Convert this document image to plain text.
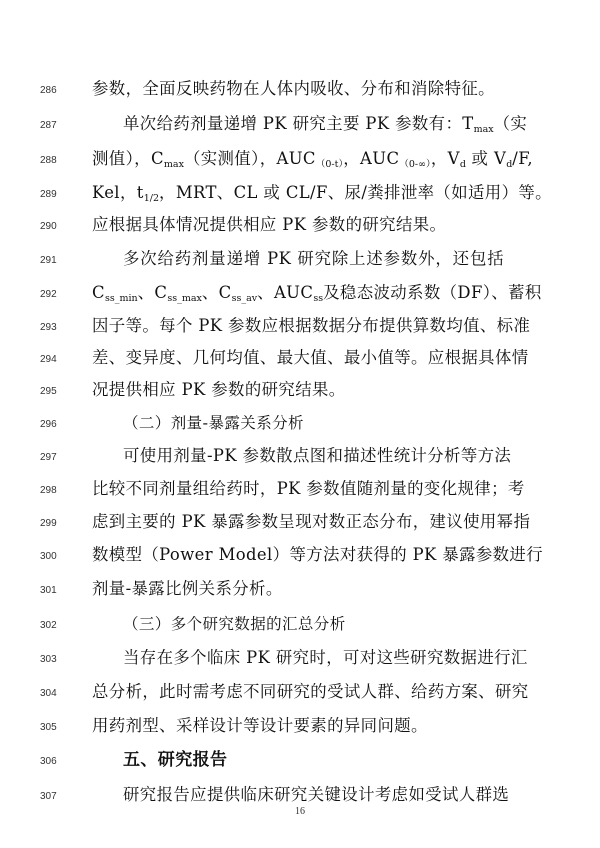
286	参数，全面反映药物在人体内吸收、分布和消除特征。
287	单次给药剂量递增 PK 研究主要 PK 参数有：$T_{max}$（实
288	测值），$C_{max}$（实测值），$AUC_{(0-t)}$，$AUC_{(0-\infty)}$，$V_d$ 或 $V_d/F$,
289	Kel，$t_{1/2}$，MRT、CL 或 CL/F、尿/粪排泄率（如适用）等。
290	应根据具体情况提供相应 PK 参数的研究结果。
291	多次给药剂量递增 PK 研究除上述参数外，还包括
292	$C_{ss\_min}$、$C_{ss\_max}$、$C_{ss\_av}$、$AUC_{ss}$及稳态波动系数（DF）、蓄积
293	因子等。每个 PK 参数应根据数据分布提供算数均值、标准
294	差、变异度、几何均值、最大值、最小值等。应根据具体情
295	况提供相应 PK 参数的研究结果。
296	（二）剂量-暴露关系分析
297	可使用剂量-PK 参数散点图和描述性统计分析等方法
298	比较不同剂量组给药时，PK 参数值随剂量的变化规律；考
299	虑到主要的 PK 暴露参数呈现对数正态分布，建议使用幂指
300	数模型（Power Model）等方法对获得的 PK 暴露参数进行
301	剂量-暴露比例关系分析。
302	（三）多个研究数据的汇总分析
303	当存在多个临床 PK 研究时，可对这些研究数据进行汇
304	总分析，此时需考虑不同研究的受试人群、给药方案、研究
305	用药剂型、采样设计等设计要素的异同问题。
306	五、研究报告
307	研究报告应提供临床研究关键设计考虑如受试人群选
16
